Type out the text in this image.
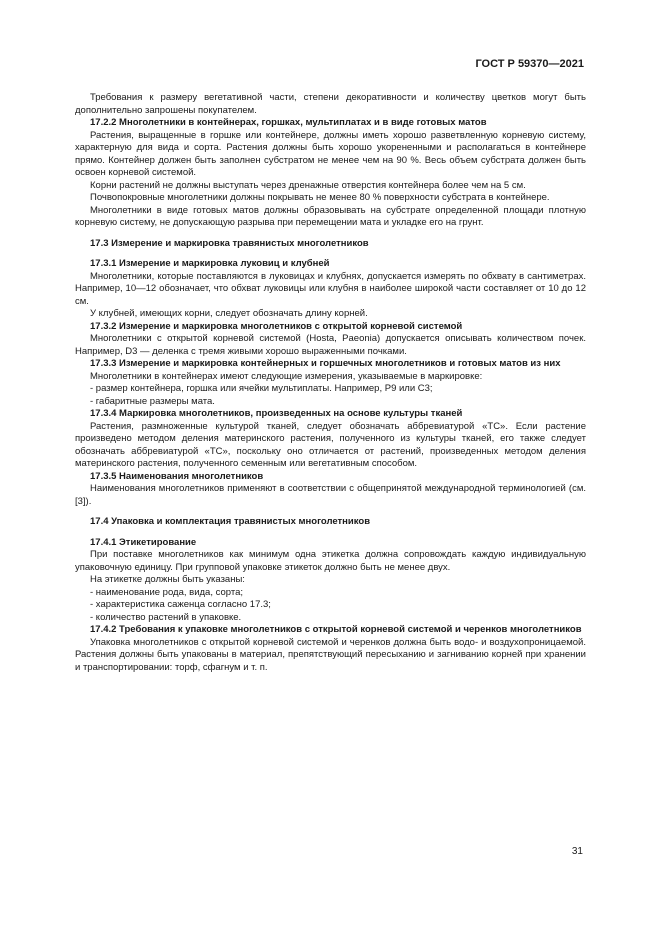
ГОСТ Р 59370—2021

Требования к размеру вегетативной части, степени декоративности и количеству цветков могут быть дополнительно запрошены покупателем.

17.2.2 Многолетники в контейнерах, горшках, мультиплатах и в виде готовых матов

Растения, выращенные в горшке или контейнере, должны иметь хорошо разветвленную корневую систему, характерную для вида и сорта. Растения должны быть хорошо укорененными и располагаться в контейнере прямо. Контейнер должен быть заполнен субстратом не менее чем на 90 %. Весь объем субстрата должен быть освоен корневой системой.

Корни растений не должны выступать через дренажные отверстия контейнера более чем на 5 см.

Почвопокровные многолетники должны покрывать не менее 80 % поверхности субстрата в контейнере.

Многолетники в виде готовых матов должны образовывать на субстрате определенной площади плотную корневую систему, не допускающую разрыва при перемещении мата и укладке его на грунт.

17.3 Измерение и маркировка травянистых многолетников

17.3.1 Измерение и маркировка луковиц и клубней

Многолетники, которые поставляются в луковицах и клубнях, допускается измерять по обхвату в сантиметрах. Например, 10—12 обозначает, что обхват луковицы или клубня в наиболее широкой части составляет от 10 до 12 см.

У клубней, имеющих корни, следует обозначать длину корней.

17.3.2 Измерение и маркировка многолетников с открытой корневой системой

Многолетники с открытой корневой системой (Hosta, Paeonia) допускается описывать количеством почек. Например, D3 — деленка с тремя живыми хорошо выраженными почками.

17.3.3 Измерение и маркировка контейнерных и горшечных многолетников и готовых матов из них

Многолетники в контейнерах имеют следующие измерения, указываемые в маркировке:

- размер контейнера, горшка или ячейки мультиплаты. Например, Р9 или С3;

- габаритные размеры мата.

17.3.4 Маркировка многолетников, произведенных на основе культуры тканей

Растения, размноженные культурой тканей, следует обозначать аббревиатурой «ТС». Если растение произведено методом деления материнского растения, полученного из культуры тканей, его также следует обозначать аббревиатурой «ТС», поскольку оно отличается от растений, произведенных методом деления материнского растения, полученного семенным или вегетативным способом.

17.3.5 Наименования многолетников

Наименования многолетников применяют в соответствии с общепринятой международной терминологией (см. [3]).

17.4 Упаковка и комплектация травянистых многолетников

17.4.1 Этикетирование

При поставке многолетников как минимум одна этикетка должна сопровождать каждую индивидуальную упаковочную единицу. При групповой упаковке этикеток должно быть не менее двух.

На этикетке должны быть указаны:

- наименование рода, вида, сорта;

- характеристика саженца согласно 17.3;

- количество растений в упаковке.

17.4.2 Требования к упаковке многолетников с открытой корневой системой и черенков многолетников

Упаковка многолетников с открытой корневой системой и черенков должна быть водо- и воздухопроницаемой. Растения должны быть упакованы в материал, препятствующий пересыханию и загниванию корней при хранении и транспортировании: торф, сфагнум и т. п.

31
